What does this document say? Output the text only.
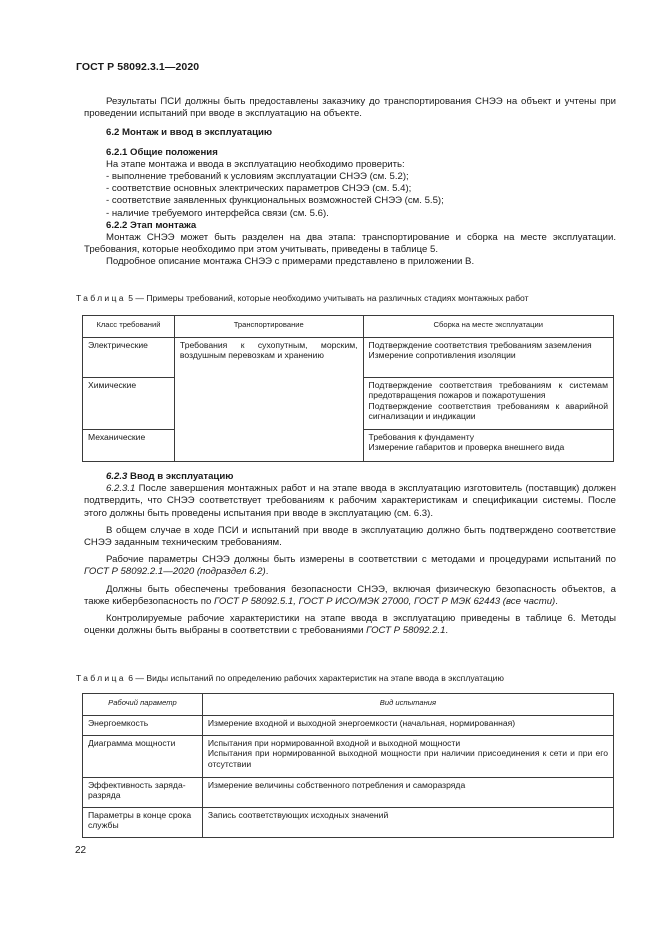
ГОСТ Р 58092.3.1—2020

Результаты ПСИ должны быть предоставлены заказчику до транспортирования СНЭЭ на объект и учтены при проведении испытаний при вводе в эксплуатацию на объекте.

6.2 Монтаж и ввод в эксплуатацию

6.2.1 Общие положения

На этапе монтажа и ввода в эксплуатацию необходимо проверить:

- выполнение требований к условиям эксплуатации СНЭЭ (см. 5.2);

- соответствие основных электрических параметров СНЭЭ (см. 5.4);

- соответствие заявленных функциональных возможностей СНЭЭ (см. 5.5);

- наличие требуемого интерфейса связи (см. 5.6).

6.2.2 Этап монтажа

Монтаж СНЭЭ может быть разделен на два этапа: транспортирование и сборка на месте эксплуатации. Требования, которые необходимо при этом учитывать, приведены в таблице 5.

Подробное описание монтажа СНЭЭ с примерами представлено в приложении В.

Таблица 5 — Примеры требований, которые необходимо учитывать на различных стадиях монтажных работ
Класс требований	Транспортирование	Сборка на месте эксплуатации
Электрические	Требования к сухопутным, морским, воздушным перевозкам и хранению	Подтверждение соответствия требованиям заземления
Измерение сопротивления изоляции

Химические		Подтверждение соответствия требованиям к системам предотвращения пожаров и пожаротушения
Подтверждение соответствия требованиям к аварийной сигнализации и индикации

Механические		Требования к фундаменту
Измерение габаритов и проверка внешнего вида

6.2.3 Ввод в эксплуатацию

6.2.3.1 После завершения монтажных работ и на этапе ввода в эксплуатацию изготовитель (поставщик) должен подтвердить, что СНЭЭ соответствует требованиям к рабочим характеристикам и спецификации системы. После этого должны быть проведены испытания при вводе в эксплуатацию (см. 6.3).

В общем случае в ходе ПСИ и испытаний при вводе в эксплуатацию должно быть подтверждено соответствие СНЭЭ заданным техническим требованиям.

Рабочие параметры СНЭЭ должны быть измерены в соответствии с методами и процедурами испытаний по ГОСТ Р 58092.2.1—2020 (подраздел 6.2).

Должны быть обеспечены требования безопасности СНЭЭ, включая физическую безопасность объектов, а также кибербезопасность по ГОСТ Р 58092.5.1, ГОСТ Р ИСО/МЭК 27000, ГОСТ Р МЭК 62443 (все части).

Контролируемые рабочие характеристики на этапе ввода в эксплуатацию приведены в таблице 6. Методы оценки должны быть выбраны в соответствии с требованиями ГОСТ Р 58092.2.1.

Таблица 6 — Виды испытаний по определению рабочих характеристик на этапе ввода в эксплуатацию
Рабочий параметр	Вид испытания
Энергоемкость	Измерение входной и выходной энергоемкости (начальная, нормированная)

Диаграмма мощности	Испытания при нормированной входной и выходной мощности
Испытания при нормированной выходной мощности при наличии присоединения к сети и при его отсутствии

Эффективность заряда-разряда	Измерение величины собственного потребления и саморазряда

Параметры в конце срока службы	Запись соответствующих исходных значений
22
